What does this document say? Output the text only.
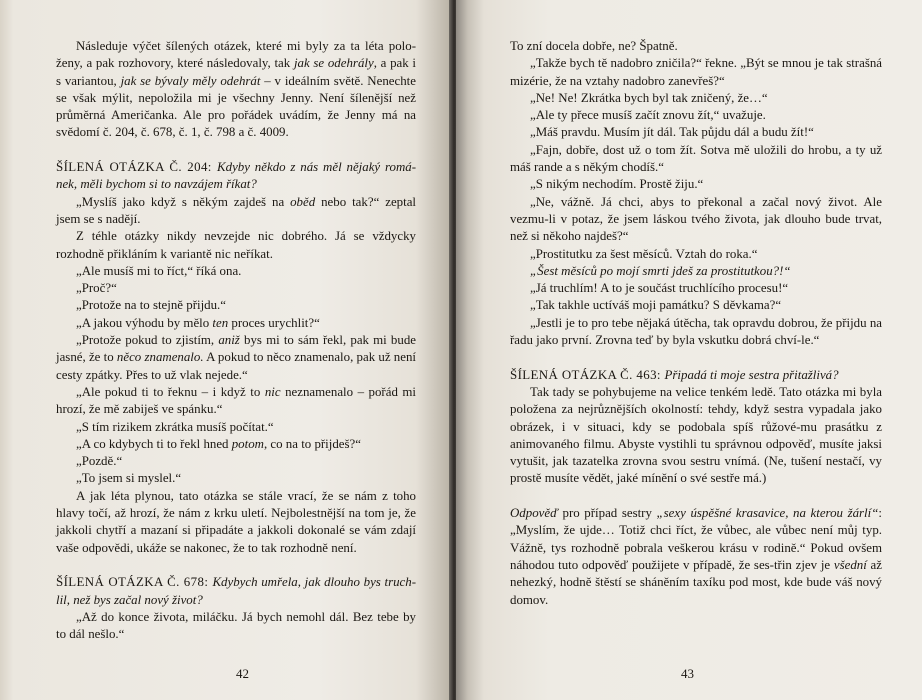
Následuje výčet šílených otázek, které mi byly za ta léta polo-ženy, a pak rozhovory, které následovaly, tak jak se odehrály, a pak i s variantou, jak se bývaly měly odehrát – v ideálním světě. Nenechte se však mýlit, nepoložila mi je všechny Jenny. Není šílenější než průměrná Američanka. Ale pro pořádek uvádím, že Jenny má na svědomí č. 204, č. 678, č. 1, č. 798 a č. 4009.

ŠÍLENÁ OTÁZKA Č. 204: Kdyby někdo z nás měl nějaký romá-nek, měli bychom si to navzájem říkat?

„Myslíš jako když s někým zajdeš na oběd nebo tak?“ zeptal jsem se s nadějí.

Z téhle otázky nikdy nevzejde nic dobrého. Já se vždycky rozhodně přikláním k variantě nic neříkat.

„Ale musíš mi to říct,“ říká ona.

„Proč?“

„Protože na to stejně přijdu.“

„A jakou výhodu by mělo ten proces urychlit?“

„Protože pokud to zjistím, aniž bys mi to sám řekl, pak mi bude jasné, že to něco znamenalo. A pokud to něco znamenalo, pak už není cesty zpátky. Přes to už vlak nejede.“

„Ale pokud ti to řeknu – i když to nic neznamenalo – pořád mi hrozí, že mě zabiješ ve spánku.“

„S tím rizikem zkrátka musíš počítat.“

„A co kdybych ti to řekl hned potom, co na to přijdeš?“

„Pozdě.“

„To jsem si myslel.“

A jak léta plynou, tato otázka se stále vrací, že se nám z toho hlavy točí, až hrozí, že nám z krku uletí. Nejbolestnější na tom je, že jakkoli chytří a mazaní si připadáte a jakkoli dokonalé se vám zdají vaše odpovědi, ukáže se nakonec, že to tak rozhodně není.

ŠÍLENÁ OTÁZKA Č. 678: Kdybych umřela, jak dlouho bys truch-lil, než bys začal nový život?

„Až do konce života, miláčku. Já bych nemohl dál. Bez tebe by to dál nešlo.“

42

To zní docela dobře, ne? Špatně.

„Takže bych tě nadobro zničila?“ řekne. „Být se mnou je tak strašná mizérie, že na vztahy nadobro zanevřeš?“

„Ne! Ne! Zkrátka bych byl tak zničený, že…“

„Ale ty přece musíš začít znovu žít,“ uvažuje.

„Máš pravdu. Musím jít dál. Tak půjdu dál a budu žít!“

„Fajn, dobře, dost už o tom žít. Sotva mě uložili do hrobu, a ty už máš rande a s někým chodíš.“

„S nikým nechodím. Prostě žiju.“

„Ne, vážně. Já chci, abys to překonal a začal nový život. Ale vezmu-li v potaz, že jsem láskou tvého života, jak dlouho bude trvat, než si někoho najdeš?“

„Prostitutku za šest měsíců. Vztah do roka.“

„Šest měsíců po mojí smrti jdeš za prostitutkou?!“

„Já truchlím! A to je součást truchlícího procesu!“

„Tak takhle uctíváš moji památku? S děvkama?“

„Jestli je to pro tebe nějaká útěcha, tak opravdu dobrou, že přijdu na řadu jako první. Zrovna teď by byla vskutku dobrá chví-le.“

ŠÍLENÁ OTÁZKA Č. 463: Připadá ti moje sestra přitažlivá?

Tak tady se pohybujeme na velice tenkém ledě. Tato otázka mi byla položena za nejrůznějších okolností: tehdy, když sestra vypadala jako obrázek, i v situaci, kdy se podobala spíš růžové-mu prasátku z animovaného filmu. Abyste vystihli tu správnou odpověď, musíte jaksi vytušit, jak tazatelka zrovna svou sestru vnímá. (Ne, tušení nestačí, vy prostě musíte vědět, jaké mínění o své sestře má.)

Odpověď pro případ sestry „sexy úspěšné krasavice, na kterou žárlí“: „Myslím, že ujde… Totiž chci říct, že vůbec, ale vůbec není můj typ. Vážně, tys rozhodně pobrala veškerou krásu v rodině.“ Pokud ovšem náhodou tuto odpověď použijete v případě, že ses-třin zjev je všední až nehezký, hodně štěstí se sháněním taxíku pod most, kde bude váš nový domov.

43
